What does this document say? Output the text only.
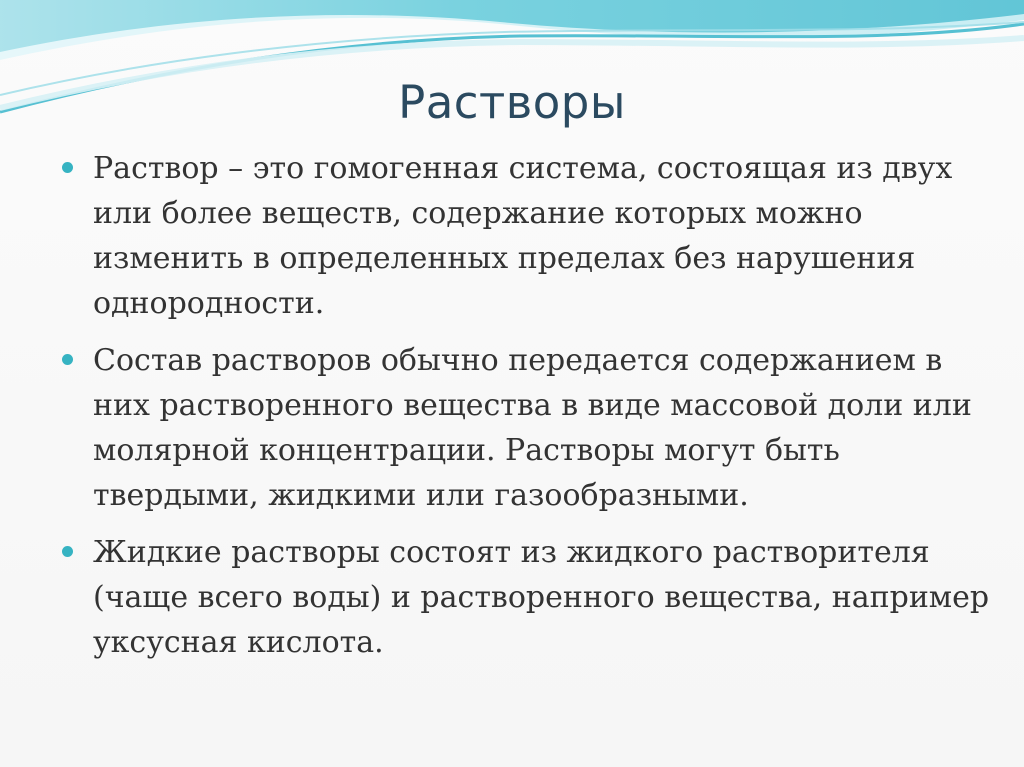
Растворы
Раствор – это гомогенная система, состоящая из двух или более веществ, содержание которых можно изменить в определенных пределах без нарушения однородности.
Состав растворов обычно передается содержанием в них растворенного вещества в виде массовой доли или молярной концентрации. Растворы могут быть твердыми, жидкими или газообразными.
Жидкие растворы состоят из жидкого растворителя (чаще всего воды) и растворенного вещества, например уксусная кислота.
